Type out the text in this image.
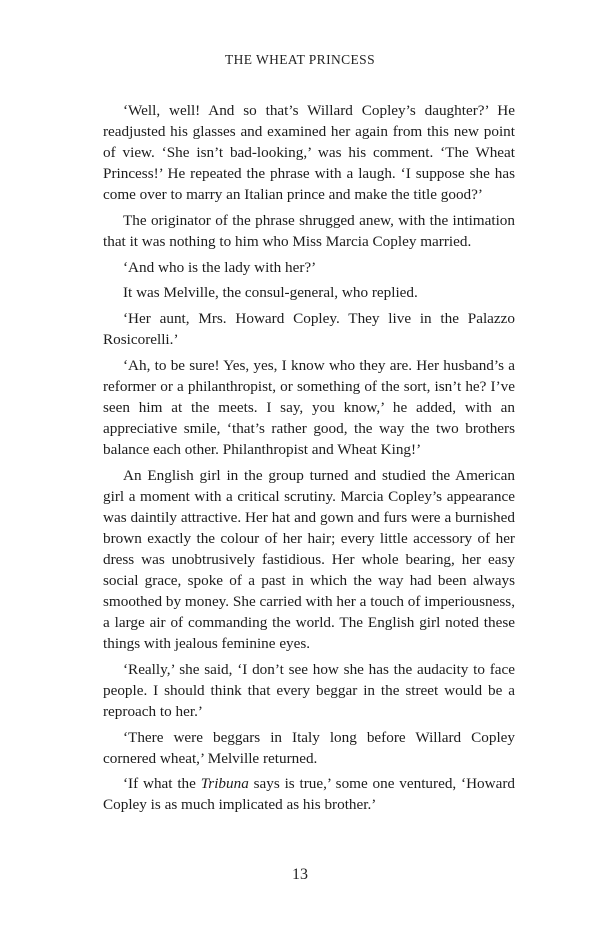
THE WHEAT PRINCESS

‘Well, well! And so that’s Willard Copley’s daughter?’ He readjusted his glasses and examined her again from this new point of view. ‘She isn’t bad-looking,’ was his comment. ‘The Wheat Princess!’ He repeated the phrase with a laugh. ‘I suppose she has come over to marry an Italian prince and make the title good?’

The originator of the phrase shrugged anew, with the intimation that it was nothing to him who Miss Marcia Copley married.

‘And who is the lady with her?’

It was Melville, the consul-general, who replied.

‘Her aunt, Mrs. Howard Copley. They live in the Palazzo Rosicorelli.’

‘Ah, to be sure! Yes, yes, I know who they are. Her husband’s a reformer or a philanthropist, or something of the sort, isn’t he? I’ve seen him at the meets. I say, you know,’ he added, with an appreciative smile, ‘that’s rather good, the way the two brothers balance each other. Philanthropist and Wheat King!’

An English girl in the group turned and studied the American girl a moment with a critical scrutiny. Marcia Copley’s appearance was daintily attractive. Her hat and gown and furs were a burnished brown exactly the colour of her hair; every little accessory of her dress was unobtrusively fastidious. Her whole bearing, her easy social grace, spoke of a past in which the way had been always smoothed by money. She carried with her a touch of imperiousness, a large air of commanding the world. The English girl noted these things with jealous feminine eyes.

‘Really,’ she said, ‘I don’t see how she has the audacity to face people. I should think that every beggar in the street would be a reproach to her.’

‘There were beggars in Italy long before Willard Copley cornered wheat,’ Melville returned.

‘If what the Tribuna says is true,’ some one ventured, ‘Howard Copley is as much implicated as his brother.’

13
